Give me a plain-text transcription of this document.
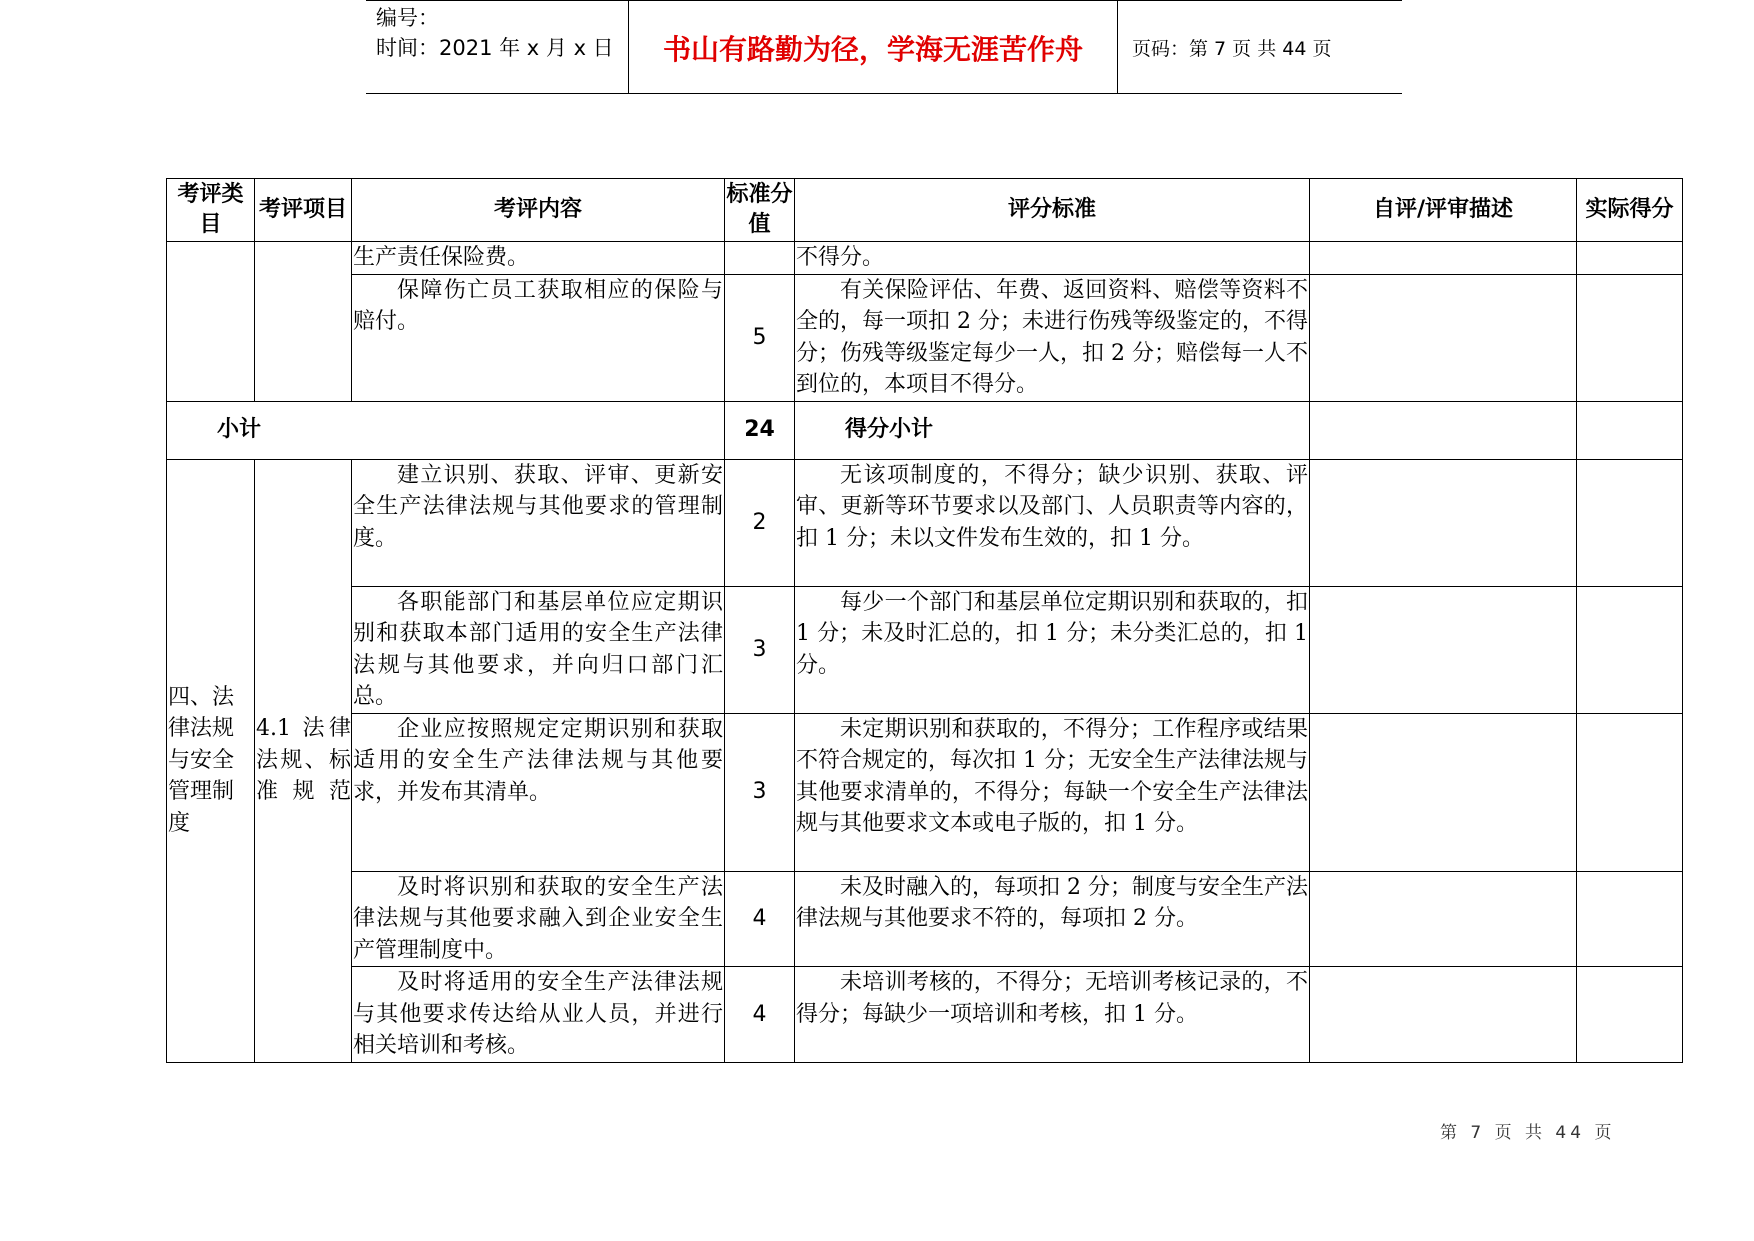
编号：
时间：2021 年 x 月 x 日	书山有路勤为径，学海无涯苦作舟	页码：第 7 页 共 44 页
考评类目	考评项目	考评内容	标准分值	评分标准	自评/评审描述	实际得分
		生产责任保险费。		不得分。		
		保障伤亡员工获取相应的保险与赔付。	5	有关保险评估、年费、返回资料、赔偿等资料不全的，每一项扣 2 分；未进行伤残等级鉴定的，不得分；伤残等级鉴定每少一人，扣 2 分；赔偿每一人不到位的，本项目不得分。		
小计			24	得分小计		
四、法律法规与安全管理制度	4.1 法律法规、标准规范	建立识别、获取、评审、更新安全生产法律法规与其他要求的管理制度。	2	无该项制度的，不得分；缺少识别、获取、评审、更新等环节要求以及部门、人员职责等内容的，扣 1 分；未以文件发布生效的，扣 1 分。		
		各职能部门和基层单位应定期识别和获取本部门适用的安全生产法律法规与其他要求，并向归口部门汇总。	3	每少一个部门和基层单位定期识别和获取的，扣 1 分；未及时汇总的，扣 1 分；未分类汇总的，扣 1 分。		
		企业应按照规定定期识别和获取适用的安全生产法律法规与其他要求，并发布其清单。	3	未定期识别和获取的，不得分；工作程序或结果不符合规定的，每次扣 1 分；无安全生产法律法规与其他要求清单的，不得分；每缺一个安全生产法律法规与其他要求文本或电子版的，扣 1 分。		
		及时将识别和获取的安全生产法律法规与其他要求融入到企业安全生产管理制度中。	4	未及时融入的，每项扣 2 分；制度与安全生产法律法规与其他要求不符的，每项扣 2 分。		
		及时将适用的安全生产法律法规与其他要求传达给从业人员，并进行相关培训和考核。	4	未培训考核的，不得分；无培训考核记录的，不得分；每缺少一项培训和考核，扣 1 分。		
第 7 页 共 44 页
